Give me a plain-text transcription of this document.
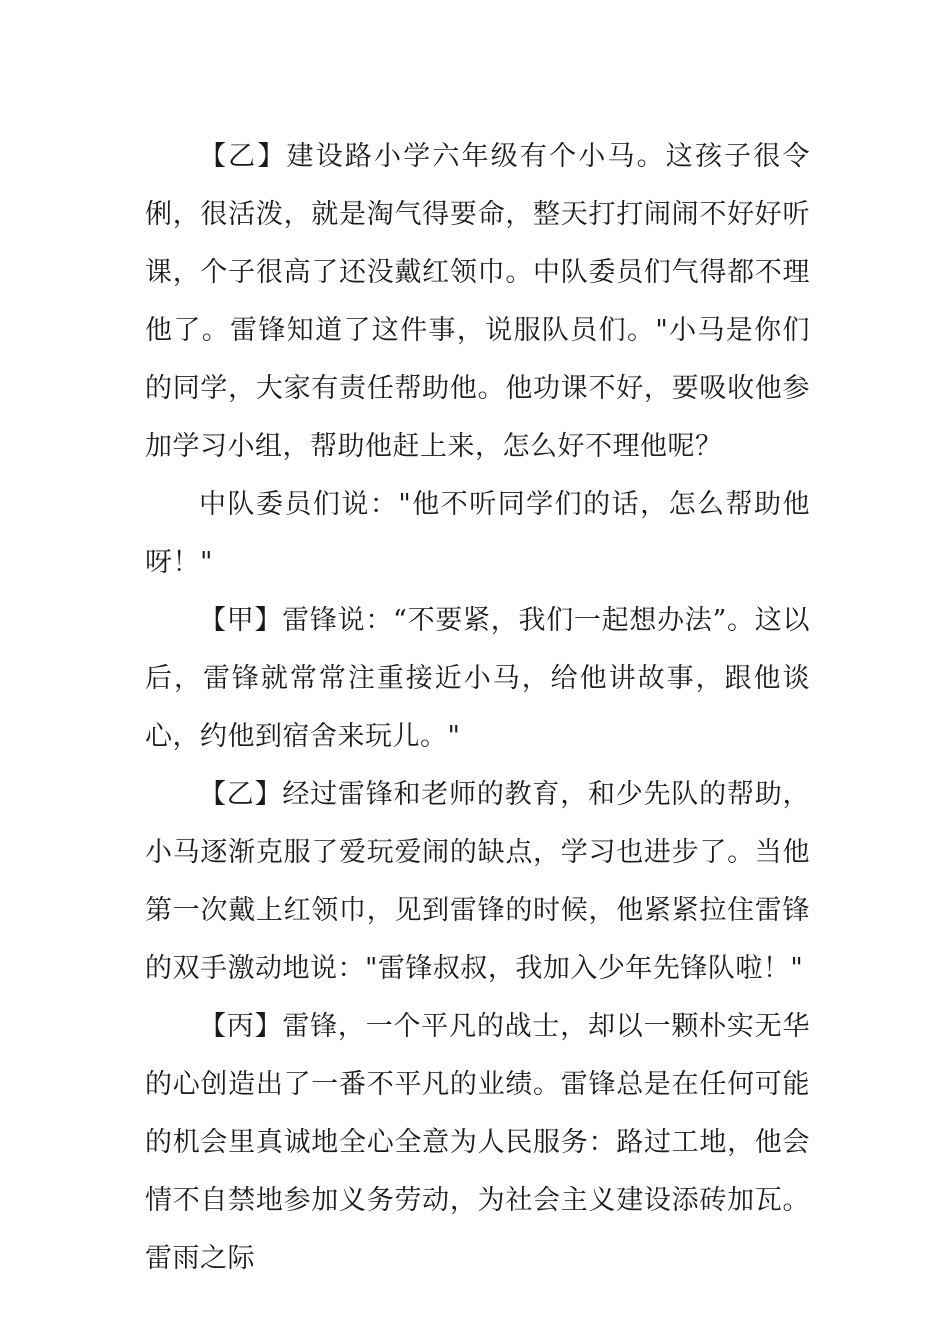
【乙】建设路小学六年级有个小马。这孩子很令俐，很活泼，就是淘气得要命，整天打打闹闹不好好听课，个子很高了还没戴红领巾。中队委员们气得都不理他了。雷锋知道了这件事，说服队员们。"小马是你们的同学，大家有责任帮助他。他功课不好，要吸收他参加学习小组，帮助他赶上来，怎么好不理他呢？

中队委员们说："他不听同学们的话，怎么帮助他呀！"

【甲】雷锋说：“不要紧，我们一起想办法”。这以后，雷锋就常常注重接近小马，给他讲故事，跟他谈心，约他到宿舍来玩儿。"

【乙】经过雷锋和老师的教育，和少先队的帮助，小马逐渐克服了爱玩爱闹的缺点，学习也进步了。当他第一次戴上红领巾，见到雷锋的时候，他紧紧拉住雷锋的双手激动地说："雷锋叔叔，我加入少年先锋队啦！"

【丙】雷锋，一个平凡的战士，却以一颗朴实无华的心创造出了一番不平凡的业绩。雷锋总是在任何可能的机会里真诚地全心全意为人民服务：路过工地，他会情不自禁地参加义务劳动，为社会主义建设添砖加瓦。雷雨之际
